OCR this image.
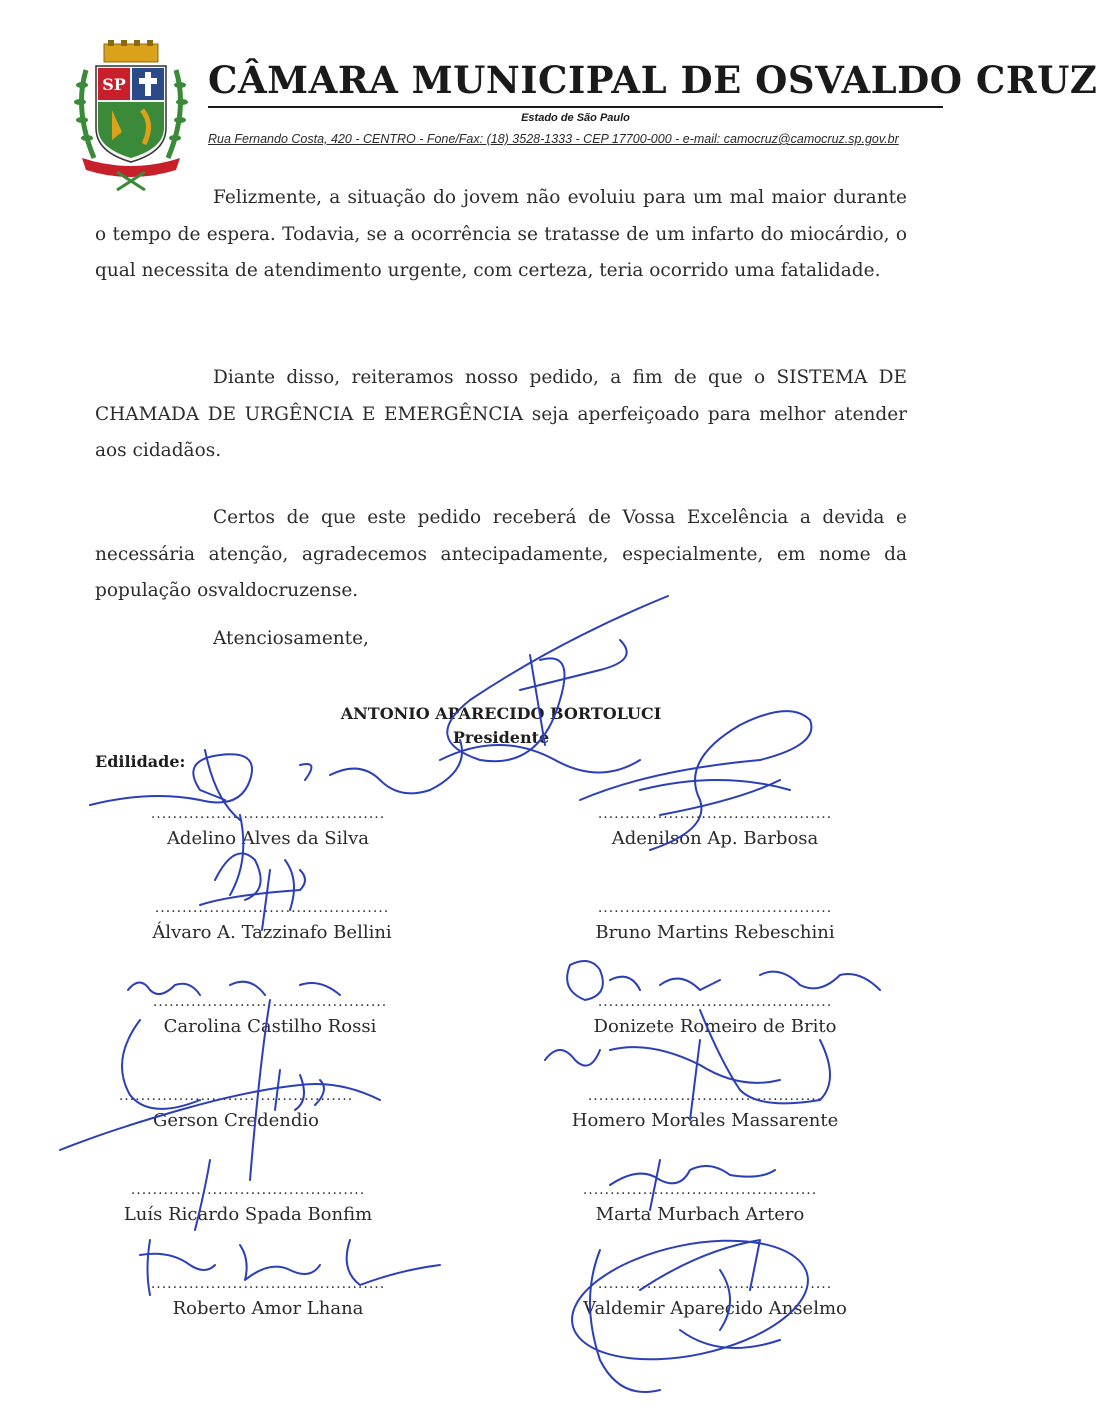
SP CÂMARA MUNICIPAL DE OSVALDO CRUZ
Estado de São Paulo
Rua Fernando Costa, 420 - CENTRO - Fone/Fax: (18) 3528-1333 - CEP 17700-000 - e-mail: camocruz@camocruz.sp.gov.br

Felizmente, a situação do jovem não evoluiu para um mal maior durante o tempo de espera. Todavia, se a ocorrência se tratasse de um infarto do miocárdio, o qual necessita de atendimento urgente, com certeza, teria ocorrido uma fatalidade.

Diante disso, reiteramos nosso pedido, a fim de que o SISTEMA DE CHAMADA DE URGÊNCIA E EMERGÊNCIA seja aperfeiçoado para melhor atender aos cidadãos.

Certos de que este pedido receberá de Vossa Excelência a devida e necessária atenção, agradecemos antecipadamente, especialmente, em nome da população osvaldocruzense.

Atenciosamente,
ANTONIO APARECIDO BORTOLUCI
Presidente
Edilidade:
...........................................
Adelino Alves da Silva
...........................................
Adenilson Ap. Barbosa
...........................................
Álvaro A. Tazzinafo Bellini
...........................................
Bruno Martins Rebeschini
...........................................
Carolina Castilho Rossi
...........................................
Donizete Romeiro de Brito
...........................................
Gerson Credendio
...........................................
Homero Morales Massarente
...........................................
Luís Ricardo Spada Bonfim
...........................................
Marta Murbach Artero
...........................................
Roberto Amor Lhana
...........................................
Valdemir Aparecido Anselmo
